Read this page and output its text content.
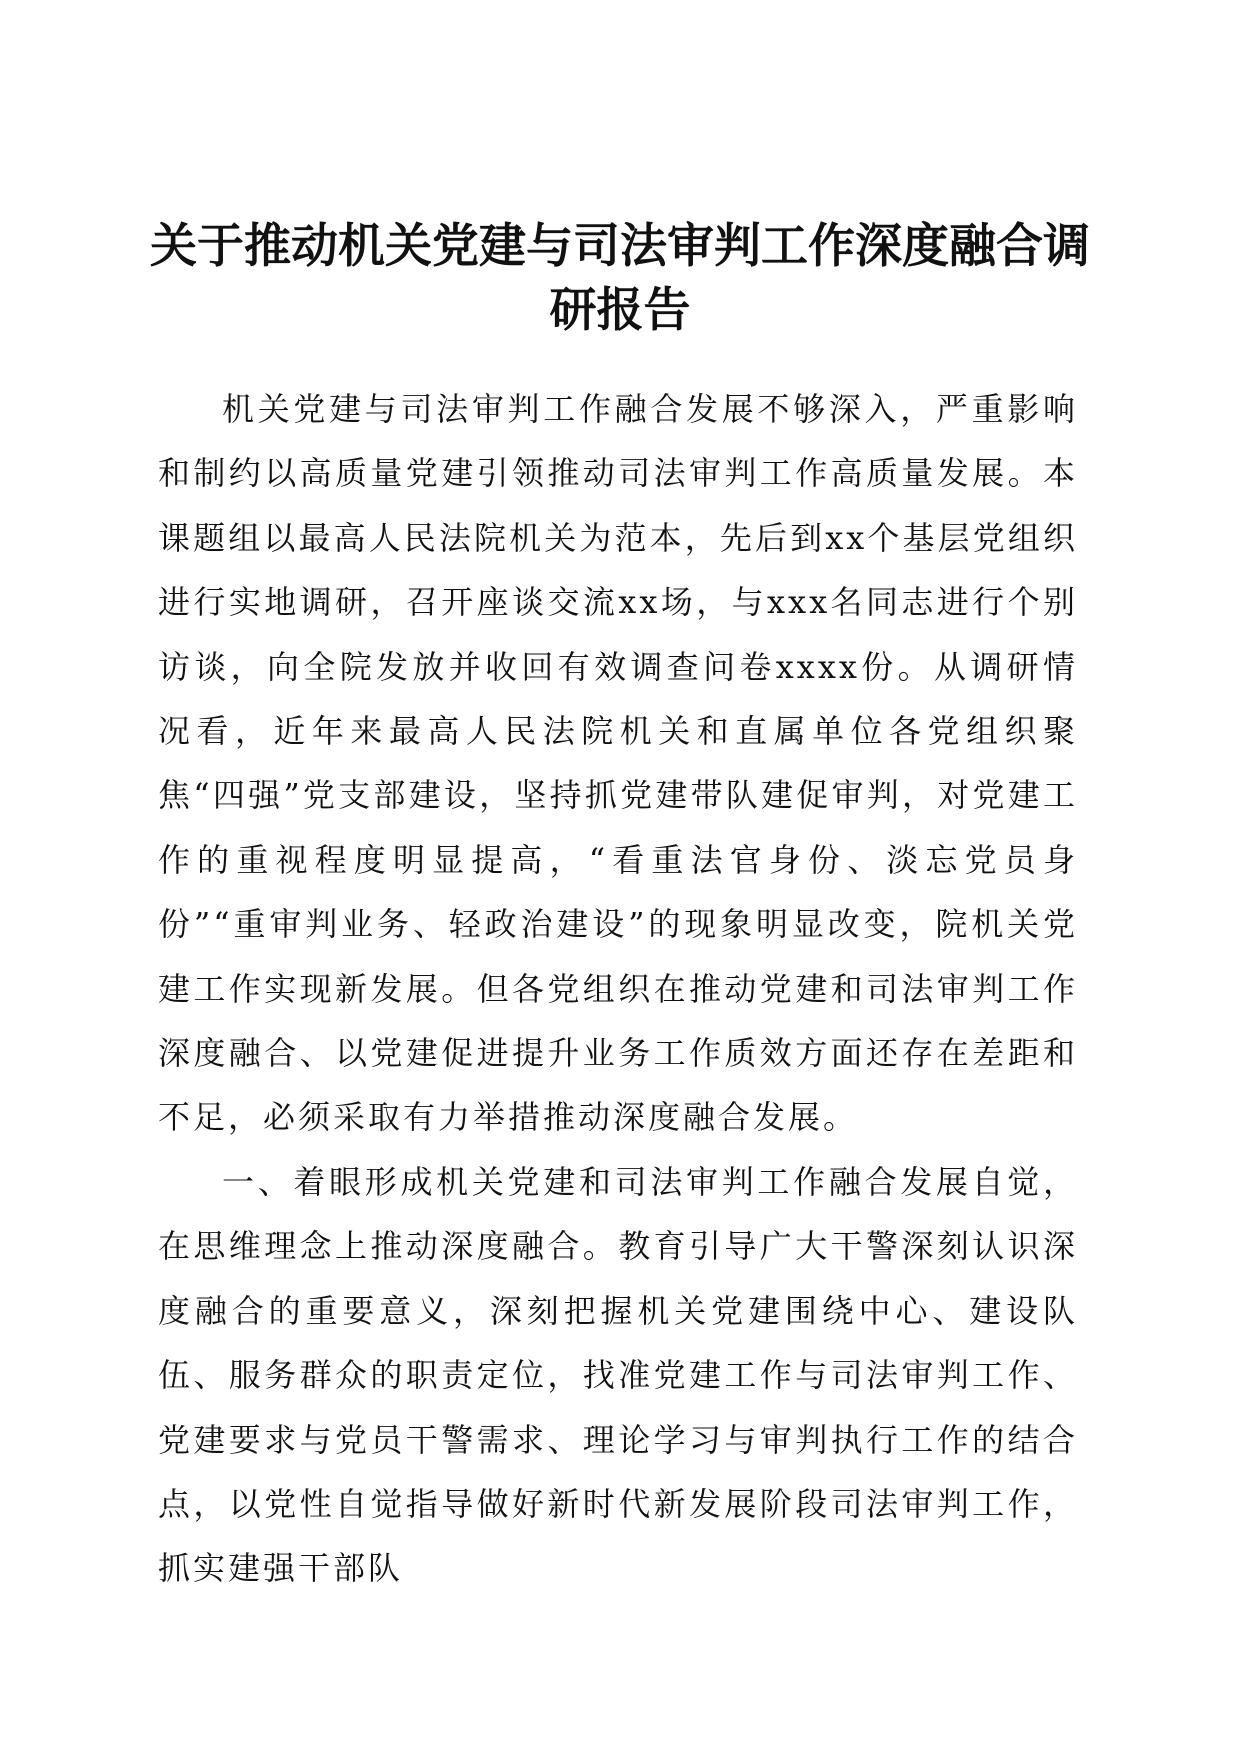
关于推动机关党建与司法审判工作深度融合调研报告

机关党建与司法审判工作融合发展不够深入，严重影响和制约以高质量党建引领推动司法审判工作高质量发展。本课题组以最高人民法院机关为范本，先后到xx个基层党组织进行实地调研，召开座谈交流xx场，与xxx名同志进行个别访谈，向全院发放并收回有效调查问卷xxxx份。从调研情况看，近年来最高人民法院机关和直属单位各党组织聚焦“四强”党支部建设，坚持抓党建带队建促审判，对党建工作的重视程度明显提高，“看重法官身份、淡忘党员身份”“重审判业务、轻政治建设”的现象明显改变，院机关党建工作实现新发展。但各党组织在推动党建和司法审判工作深度融合、以党建促进提升业务工作质效方面还存在差距和不足，必须采取有力举措推动深度融合发展。

一、着眼形成机关党建和司法审判工作融合发展自觉，在思维理念上推动深度融合。教育引导广大干警深刻认识深度融合的重要意义，深刻把握机关党建围绕中心、建设队伍、服务群众的职责定位，找准党建工作与司法审判工作、党建要求与党员干警需求、理论学习与审判执行工作的结合点，以党性自觉指导做好新时代新发展阶段司法审判工作，抓实建强干部队
